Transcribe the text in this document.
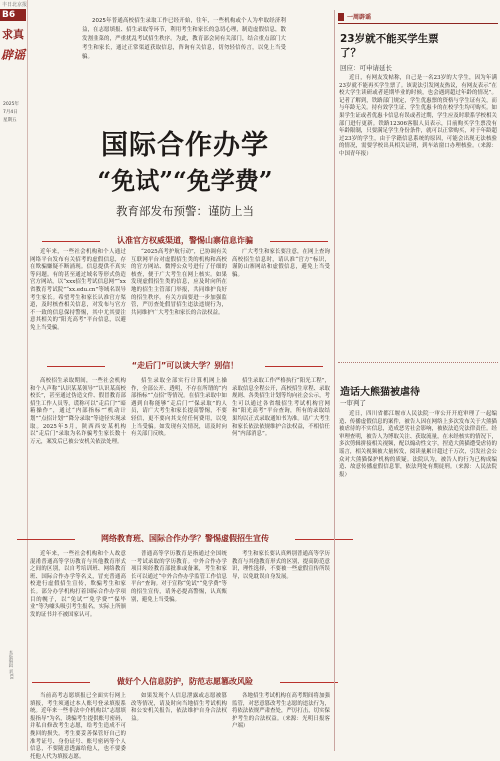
丰日北京报
B6
求真
辟谣
2025年
7月4日
星期五
本版编辑 刘XX

2025年普通高校招生录取工作已经开始，往年，一些机构或个人为牟取经济利益，在志愿填报、招生录取等环节，利用考生和家长的急切心理，制造虚假信息，散发割韭菜的，严重扰乱考试招生秩序。为此，教育部会同有关部门，结合重点部门大考生和家长，通过正常渠道获取信息，咨询有关信息，切勿轻信传言，以免上当受骗。

国际合作办学
“免试”“免学费”
教育部发布预警：谨防上当
认准官方权威渠道，警惕山寨信息诈骗

近年来，一些社会机构和个人通过网络平台发布有关招考的虚假信息，存在欺骗嫌疑不断涌现。信息提供不真实等问题。有的甚至通过域名等形式伪造官方网站，以“xxx招生考试信息网”“xx省教育考试院”“xx.edu.cn”等域名误导考生家长。希望考生和家长认准官方渠道，及时核查相关信息，对发布与官方不一致的信息保持警惕，其中尤其要注意其相关的“阳光高考”平台信息，以避免上当受骗。

“2025高考护航行动”，已协调有关互联网平台对虚假招生类的机构和高校的官方网站、微博公众号进行了仔细的核查，便于广大考生在网上核实。如果发现虚假招生类的信息，应及时向所在地的招生主管部门举报，共同维护良好的招生秩序。有关方面要进一步加强监管，严厉查处假冒招生违法违规行为，共同维护广大考生和家长的合法权益。

广大考生和家长要注意，在网上查询高校招生信息时，请认准“官方”标识，谨防山寨网站和虚假信息，避免上当受骗。

“走后门”可以读大学？别信！

高校招生录取期间，一些社会机构和个人声称“认识某某领导”“认识某高校校长”，甚至通过伪造文件、假冒教育部招生工作人员等，谎称可以“走后门”“暗箱操作”，通过“内部指标”“机动计划”“点招计划”“降分录取”等途径实现录取。2025年5月，陕西西安某机构以“走后门”录取为名诈骗考生家长数十万元，案发后已被公安机关依法处理。

招生录取全部实行计算机网上操作，全部公开、透明，不存在所谓的“内部指标”“点招”等情况。在招生录取中如遇到自称能够“走后门”“保录取”的人员，请广大考生和家长提高警惕，不要轻信，更不要向其支付任何费用，以免上当受骗。如发现有关情况，请及时向有关部门反映。

招生录取工作严格执行“阳光工程”，录取信息全程公开，高校招生章程、录取规则、各类招生计划等均向社会公示，考生可以通过各省级招生考试机构官网和“阳光高考”平台查询，所有的录取结果均以正式录取通知书为准。请广大考生和家长依法依规维护合法权益，不相信任何“内部消息”。

网络教育班、国际合作办学？警惕虚假招生宣传

近年来，一些社会机构和个人故意混淆普通高等学历教育与其他教育形式之间的区别，以自考培训班、网络教育班、国际合作办学等名义，冒充普通高校进行虚假招生宣传，欺骗考生和家长。部分办学机构打着国际合作办学项目的幌子，以“免试”“免学费”“保毕业”等为噱头吸引考生报名，实际上所颁发的证书并不被国家认可。

普通高等学历教育是指通过全国统一考试录取的学历教育。中外合作办学项目须经教育部批准或备案，考生和家长可以通过“中外合作办学监管工作信息平台”查询。对于宣称“免试”“免学费”等的招生宣传，请务必提高警惕，认真甄别，避免上当受骗。

考生和家长要认真辨别普通高等学历教育与其他教育形式的区别，提高防范意识，理性选择，不要被一些虚假宣传所误导，以免耽误自身发展。

做好个人信息防护，防范志愿篡改风险

当前高考志愿填报已全面实行网上填报，考生须通过本人账号登录填报系统。近年来一些非法中介机构以“志愿填报指导”为名，诱骗考生提供账号密码，并私自修改考生志愿，给考生造成不可挽回的损失。考生要妥善保管好自己的准考证号、身份证号、账号密码等个人信息，不要随意透露给他人，也不要委托他人代为填报志愿。

如果发现个人信息泄露或志愿被篡改等情况，请及时向当地招生考试机构和公安机关报告，依法维护自身合法权益。

各地招生考试机构在高考期间将加强监管，对恶意篡改考生志愿的违法行为，将依法依规严肃查处，严厉打击，切实保护考生的合法权益。（来源：光明日报客户端）

一周辟谣
23岁就不能买学生票了？
回应：可申请延长

近日，有网友发帖称，自己是一名23岁的大学生，因为年满23岁就不能再买学生票了。该说法引发网友热议，有网友表示“在校大学生读研或者延期毕业的时候，也会遇到超过年龄的情况”。记者了解到，铁路部门规定，学生优惠票的资格与学生证有关，而与年龄无关。持有效学生证、学生优惠卡的在校学生均可购买。如果学生证或者优惠卡信息有误或者过期，学生应及时联系学校相关部门进行更新。铁路12306客服人员表示，目前购买学生票没有年龄限制，只要满足学生身份条件，就可以正常购买，对于年龄超过23岁的学生，由于学籍信息系统的原因，可能会出现无法核验的情况，需要学校出具相关证明，到车站窗口办理核验。（来源：中国青年报）

造话大熊猫被虐待
一审判了

近日，四川省都江堰市人民法院一审公开开庭审理了一起编造、传播虚假信息的案件，被告人因在网络上多次发布关于大熊猫被虐待的不实信息，造成恶劣社会影响，被依法追究法律责任。经审理查明，被告人为博取关注、获取流量，在未经核实的情况下，多次剪辑拼接相关视频，配以煽动性文字，捏造大熊猫遭受虐待的谣言，相关视频被大量转发，阅读量累计超过千万次，引发社会公众对大熊猫保护机构的质疑。法院认为，被告人的行为已构成编造、故意传播虚假信息罪，依法判处有期徒刑。（来源：人民法院报）
